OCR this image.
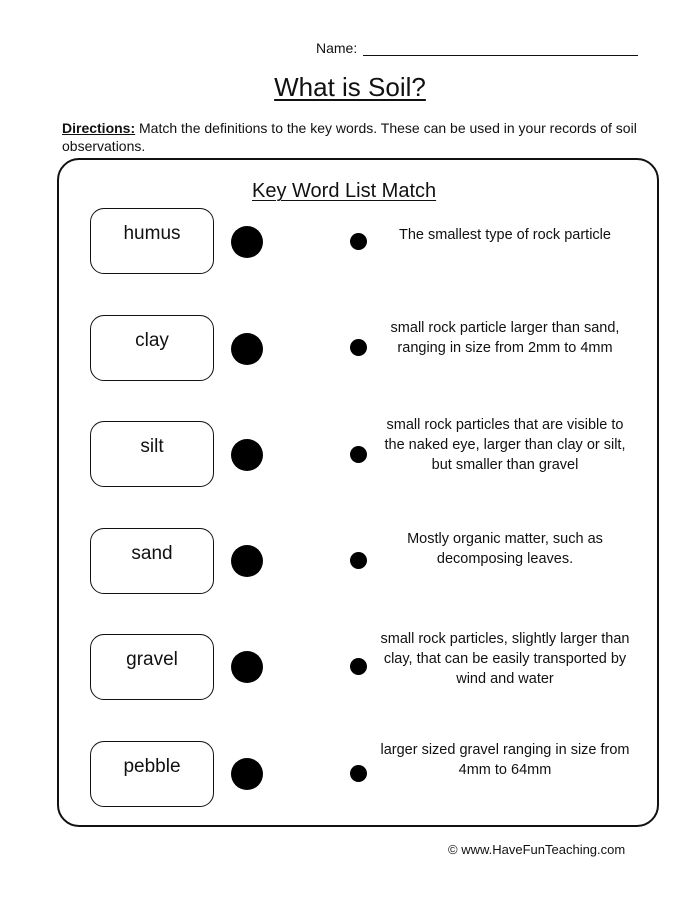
Name:
What is Soil?
Directions: Match the definitions to the key words. These can be used in your records of soil observations.
Key Word List Match
humus	The smallest type of rock particle
clay
small rock particle larger than sand, ranging in size from 2mm to 4mm
silt
small rock particles that are visible to the naked eye, larger than clay or silt, but smaller than gravel
sand
Mostly organic matter, such as decomposing leaves.
gravel
small rock particles, slightly larger than clay, that can be easily transported by wind and water
pebble
larger sized gravel ranging in size from 4mm to 64mm
© www.HaveFunTeaching.com
